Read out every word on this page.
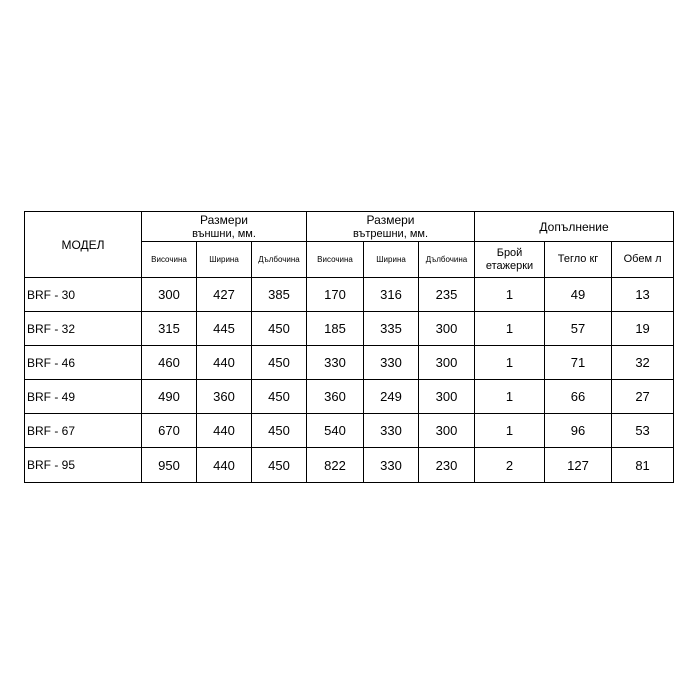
МОДЕЛ	Размери			Размери			Допълнение		
	външни, мм.			вътрешни, мм.					
	Височина	Ширина	Дълбочина	Височина	Ширина	Дълбочина	Брой етажерки	Тегло кг	Обем л
BRF - 30	300	427	385	170	316	235	1	49	13
BRF - 32	315	445	450	185	335	300	1	57	19
BRF - 46	460	440	450	330	330	300	1	71	32
BRF - 49	490	360	450	360	249	300	1	66	27
BRF - 67	670	440	450	540	330	300	1	96	53
BRF - 95	950	440	450	822	330	230	2	127	81
